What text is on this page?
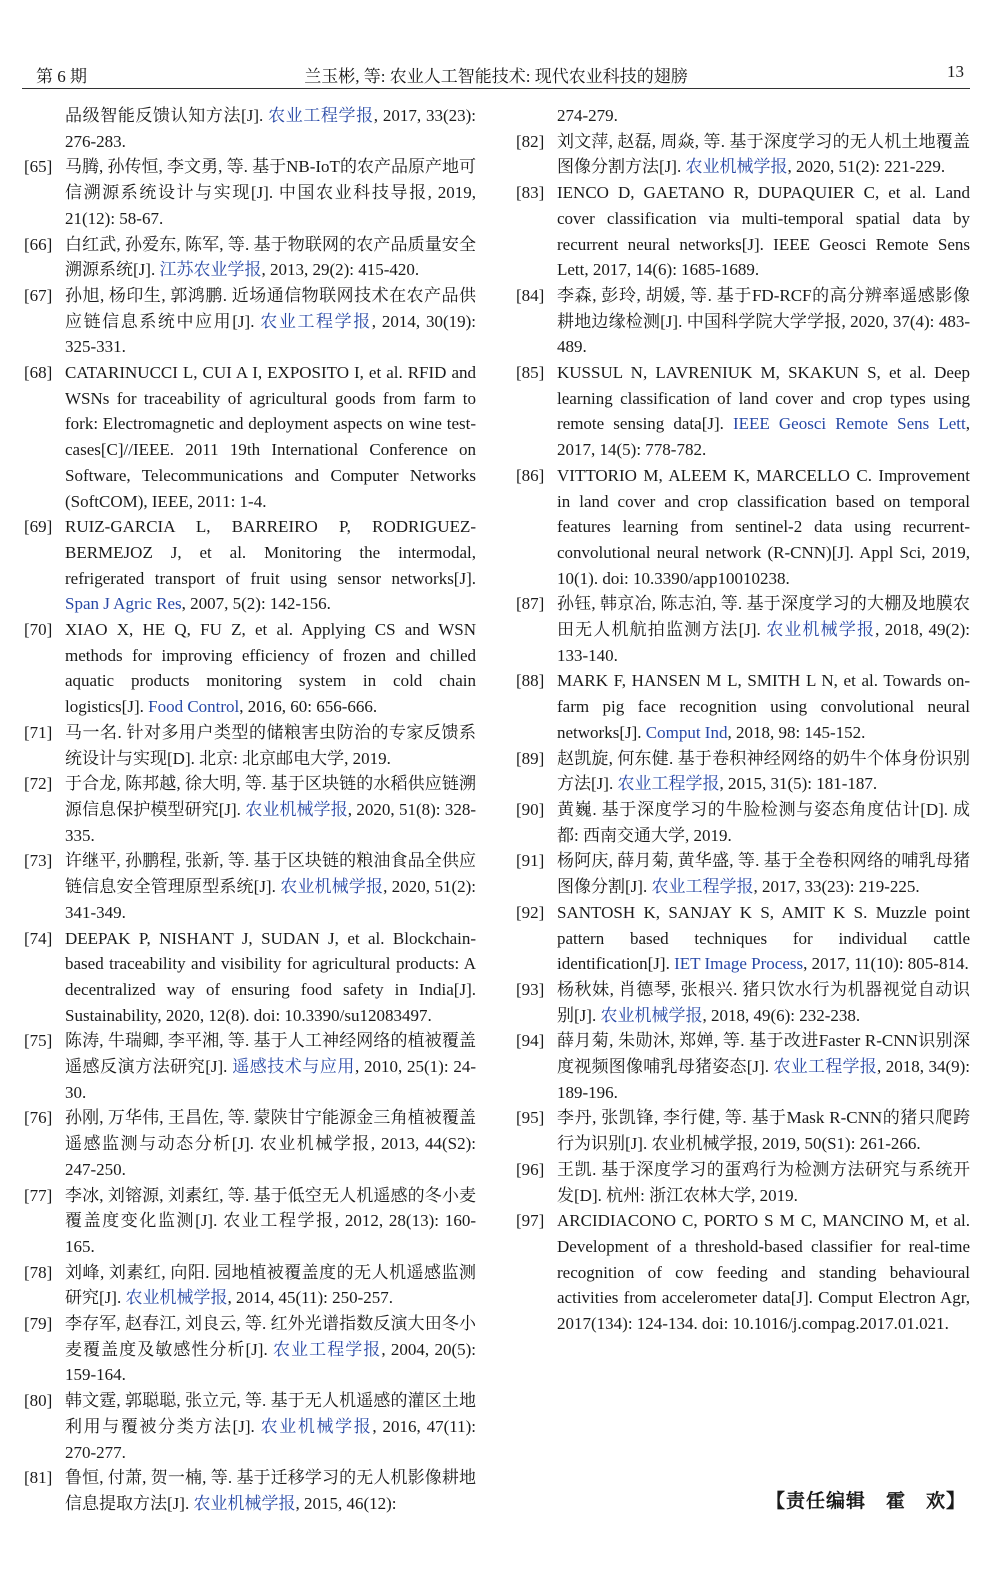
第 6 期	兰玉彬, 等: 农业人工智能技术: 现代农业科技的翅膀	13
品级智能反馈认知方法[J]. 农业工程学报, 2017, 33(23): 276-283.
[65] 马腾, 孙传恒, 李文勇, 等. 基于NB-IoT的农产品原产地可信溯源系统设计与实现[J]. 中国农业科技导报, 2019, 21(12): 58-67.
[66] 白红武, 孙爱东, 陈军, 等. 基于物联网的农产品质量安全溯源系统[J]. 江苏农业学报, 2013, 29(2): 415-420.
[67] 孙旭, 杨印生, 郭鸿鹏. 近场通信物联网技术在农产品供应链信息系统中应用[J]. 农业工程学报, 2014, 30(19): 325-331.
[68] CATARINUCCI L, CUI A I, EXPOSITO I, et al. RFID and WSNs for traceability of agricultural goods from farm to fork: Electromagnetic and deployment aspects on wine test-cases[C]//IEEE. 2011 19th International Conference on Software, Telecommunications and Computer Networks (SoftCOM), IEEE, 2011: 1-4.
[69] RUIZ-GARCIA L, BARREIRO P, RODRIGUEZ-BERMEJOZ J, et al. Monitoring the intermodal, refrigerated transport of fruit using sensor networks[J]. Span J Agric Res, 2007, 5(2): 142-156.
[70] XIAO X, HE Q, FU Z, et al. Applying CS and WSN methods for improving efficiency of frozen and chilled aquatic products monitoring system in cold chain logistics[J]. Food Control, 2016, 60: 656-666.
[71] 马一名. 针对多用户类型的储粮害虫防治的专家反馈系统设计与实现[D]. 北京: 北京邮电大学, 2019.
[72] 于合龙, 陈邦越, 徐大明, 等. 基于区块链的水稻供应链溯源信息保护模型研究[J]. 农业机械学报, 2020, 51(8): 328-335.
[73] 许继平, 孙鹏程, 张新, 等. 基于区块链的粮油食品全供应链信息安全管理原型系统[J]. 农业机械学报, 2020, 51(2): 341-349.
[74] DEEPAK P, NISHANT J, SUDAN J, et al. Blockchain-based traceability and visibility for agricultural products: A decentralized way of ensuring food safety in India[J]. Sustainability, 2020, 12(8). doi: 10.3390/su12083497.
[75] 陈涛, 牛瑞卿, 李平湘, 等. 基于人工神经网络的植被覆盖遥感反演方法研究[J]. 遥感技术与应用, 2010, 25(1): 24-30.
[76] 孙刚, 万华伟, 王昌佐, 等. 蒙陕甘宁能源金三角植被覆盖遥感监测与动态分析[J]. 农业机械学报, 2013, 44(S2): 247-250.
[77] 李冰, 刘镕源, 刘素红, 等. 基于低空无人机遥感的冬小麦覆盖度变化监测[J]. 农业工程学报, 2012, 28(13): 160-165.
[78] 刘峰, 刘素红, 向阳. 园地植被覆盖度的无人机遥感监测研究[J]. 农业机械学报, 2014, 45(11): 250-257.
[79] 李存军, 赵春江, 刘良云, 等. 红外光谱指数反演大田冬小麦覆盖度及敏感性分析[J]. 农业工程学报, 2004, 20(5): 159-164.
[80] 韩文霆, 郭聪聪, 张立元, 等. 基于无人机遥感的灌区土地利用与覆被分类方法[J]. 农业机械学报, 2016, 47(11): 270-277.
[81] 鲁恒, 付萧, 贺一楠, 等. 基于迁移学习的无人机影像耕地信息提取方法[J]. 农业机械学报, 2015, 46(12):
274-279.
[82] 刘文萍, 赵磊, 周焱, 等. 基于深度学习的无人机土地覆盖图像分割方法[J]. 农业机械学报, 2020, 51(2): 221-229.
[83] IENCO D, GAETANO R, DUPAQUIER C, et al. Land cover classification via multi-temporal spatial data by recurrent neural networks[J]. IEEE Geosci Remote Sens Lett, 2017, 14(6): 1685-1689.
[84] 李森, 彭玲, 胡媛, 等. 基于FD-RCF的高分辨率遥感影像耕地边缘检测[J]. 中国科学院大学学报, 2020, 37(4): 483-489.
[85] KUSSUL N, LAVRENIUK M, SKAKUN S, et al. Deep learning classification of land cover and crop types using remote sensing data[J]. IEEE Geosci Remote Sens Lett, 2017, 14(5): 778-782.
[86] VITTORIO M, ALEEM K, MARCELLO C. Improvement in land cover and crop classification based on temporal features learning from sentinel-2 data using recurrent-convolutional neural network (R-CNN)[J]. Appl Sci, 2019, 10(1). doi: 10.3390/app10010238.
[87] 孙钰, 韩京冶, 陈志泊, 等. 基于深度学习的大棚及地膜农田无人机航拍监测方法[J]. 农业机械学报, 2018, 49(2): 133-140.
[88] MARK F, HANSEN M L, SMITH L N, et al. Towards on-farm pig face recognition using convolutional neural networks[J]. Comput Ind, 2018, 98: 145-152.
[89] 赵凯旋, 何东健. 基于卷积神经网络的奶牛个体身份识别方法[J]. 农业工程学报, 2015, 31(5): 181-187.
[90] 黄巍. 基于深度学习的牛脸检测与姿态角度估计[D]. 成都: 西南交通大学, 2019.
[91] 杨阿庆, 薛月菊, 黄华盛, 等. 基于全卷积网络的哺乳母猪图像分割[J]. 农业工程学报, 2017, 33(23): 219-225.
[92] SANTOSH K, SANJAY K S, AMIT K S. Muzzle point pattern based techniques for individual cattle identification[J]. IET Image Process, 2017, 11(10): 805-814.
[93] 杨秋妹, 肖德琴, 张根兴. 猪只饮水行为机器视觉自动识别[J]. 农业机械学报, 2018, 49(6): 232-238.
[94] 薛月菊, 朱勋沐, 郑婵, 等. 基于改进Faster R-CNN识别深度视频图像哺乳母猪姿态[J]. 农业工程学报, 2018, 34(9): 189-196.
[95] 李丹, 张凯锋, 李行健, 等. 基于Mask R-CNN的猪只爬跨行为识别[J]. 农业机械学报, 2019, 50(S1): 261-266.
[96] 王凯. 基于深度学习的蛋鸡行为检测方法研究与系统开发[D]. 杭州: 浙江农林大学, 2019.
[97] ARCIDIACONO C, PORTO S M C, MANCINO M, et al. Development of a threshold-based classifier for real-time recognition of cow feeding and standing behavioural activities from accelerometer data[J]. Comput Electron Agr, 2017(134): 124-134. doi: 10.1016/j.compag.2017.01.021.
【责任编辑　霍　欢】
